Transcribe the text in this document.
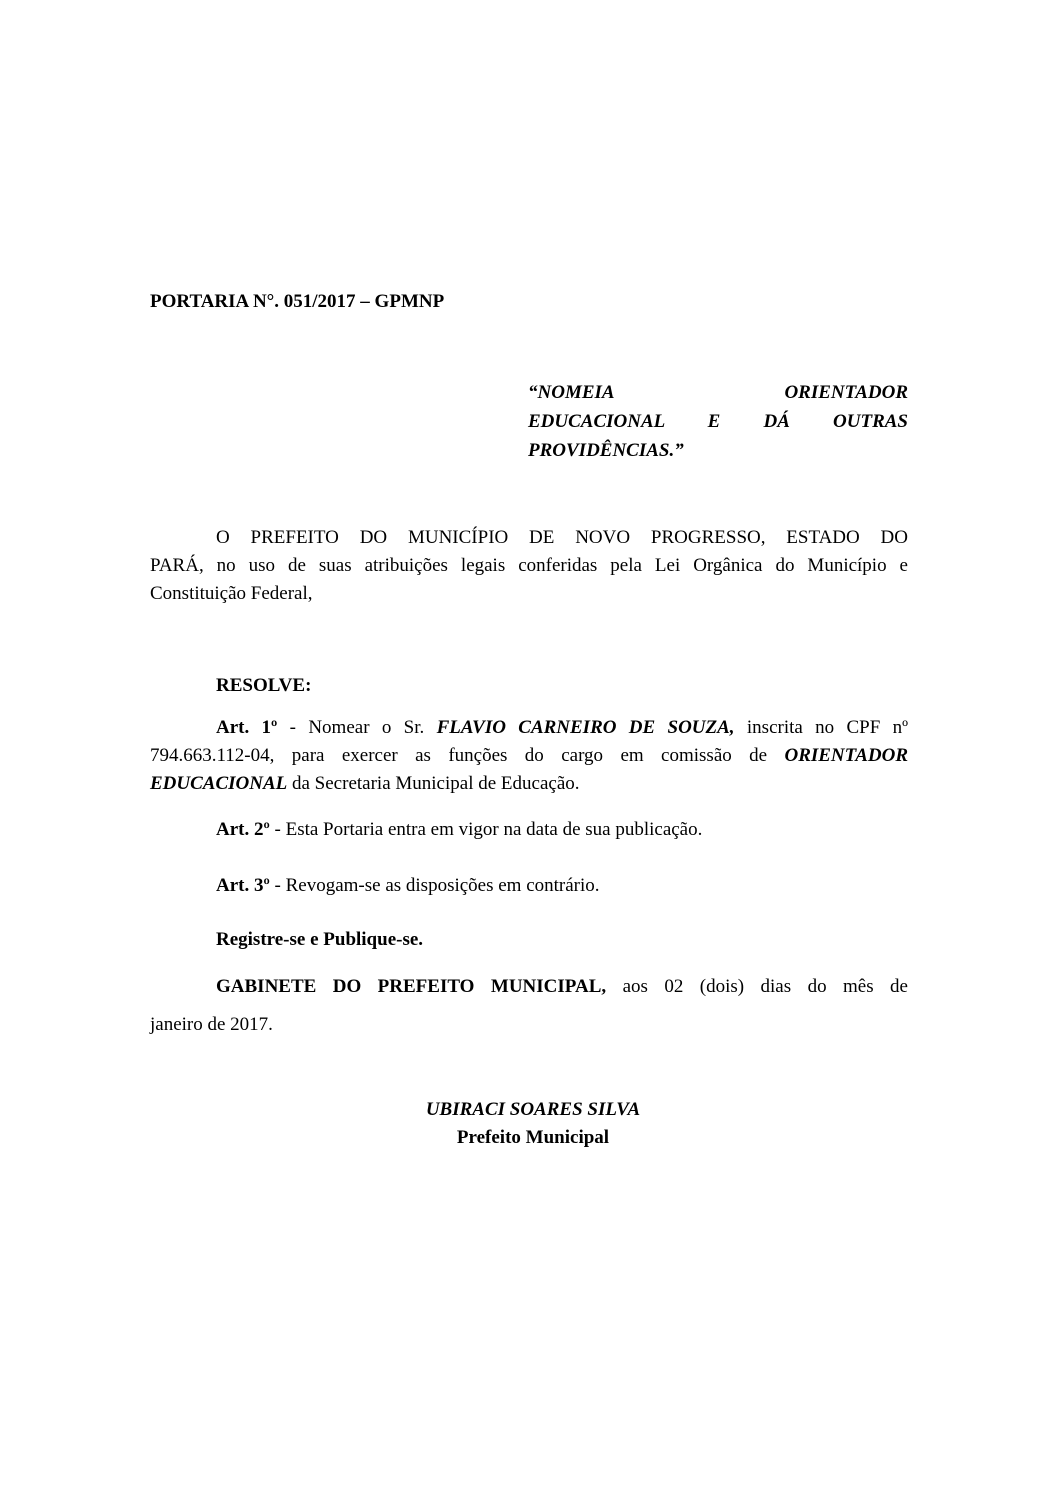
PORTARIA N°. 051/2017 – GPMNP
“NOMEIA ORIENTADOR
EDUCACIONAL E DÁ OUTRAS
PROVIDÊNCIAS.”
O PREFEITO DO MUNICÍPIO DE NOVO PROGRESSO, ESTADO DO
PARÁ, no uso de suas atribuições legais conferidas pela Lei Orgânica do Município e
Constituição Federal,
RESOLVE:
Art. 1º - Nomear o Sr. FLAVIO CARNEIRO DE SOUZA, inscrita no CPF nº
794.663.112-04, para exercer as funções do cargo em comissão de ORIENTADOR
EDUCACIONAL da Secretaria Municipal de Educação.
Art. 2º - Esta Portaria entra em vigor na data de sua publicação.
Art. 3º - Revogam-se as disposições em contrário.
Registre-se e Publique-se.
GABINETE DO PREFEITO MUNICIPAL, aos 02 (dois) dias do mês de
janeiro de 2017.
UBIRACI SOARES SILVA
Prefeito Municipal
